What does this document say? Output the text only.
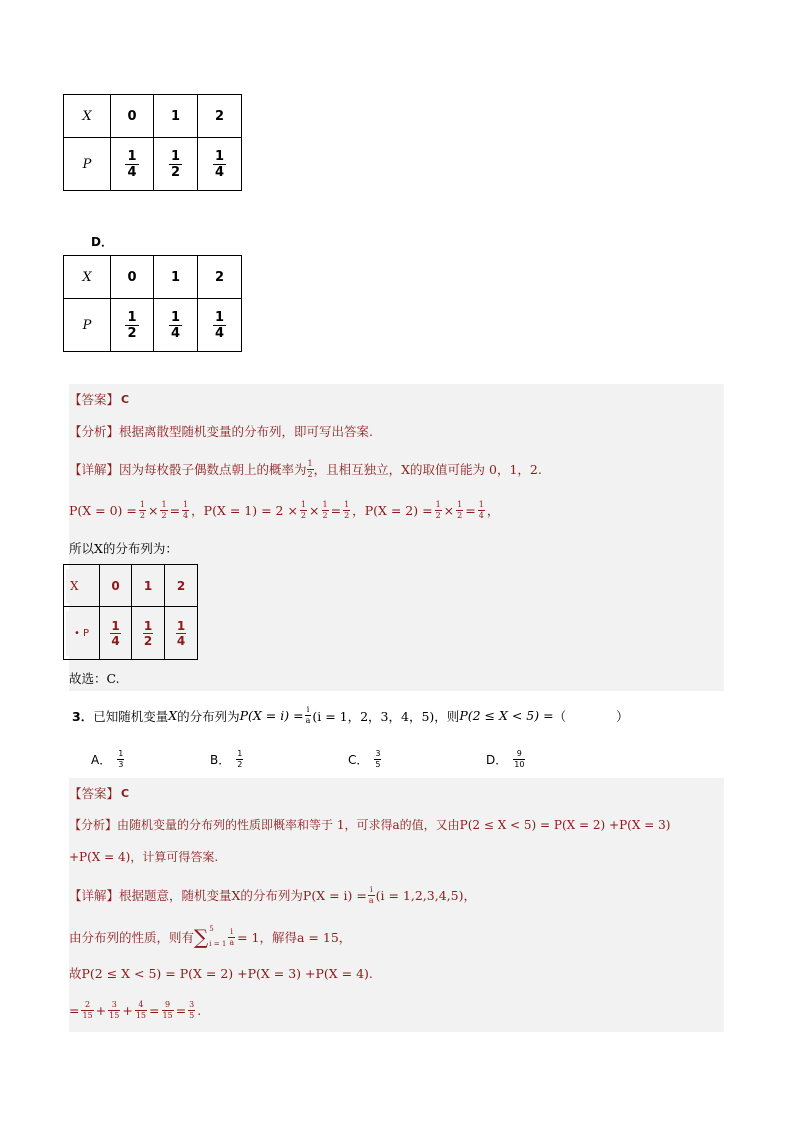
X	0	1	2
P	$\frac{1}{4}$	$\frac{1}{2}$	$\frac{1}{4}$
D．
X	0	1	2
P	$\frac{1}{2}$	$\frac{1}{4}$	$\frac{1}{4}$
【答案】 C
【分析】 根据离散型随机变量的分布列，即可写出答案.
【详解】 因为每枚骰子偶数点朝上的概率为 $\frac{1}{2}$ ，且相互独立，X的取值可能为 0，1，2.
$P(X = 0) = \frac{1}{2} \times \frac{1}{2} = \frac{1}{4}$ ， $P(X = 1) = 2 \times \frac{1}{2} \times \frac{1}{2} = \frac{1}{2}$ ， $P(X = 2) = \frac{1}{2} \times \frac{1}{2} = \frac{1}{4}$ ，
所以X的分布列为：
X	0	1	2

• P	$\frac{1}{4}$	$\frac{1}{2}$	$\frac{1}{4}$
故选：C.
3． 已知随机变量 X 的分布列为 $P(X = i) = \frac{i}{a} (i = 1$，2，3，4，5) ，则 P(2 ≤ X < 5) = （　　　　）
A． $\frac{1}{3}$	B． $\frac{1}{2}$	C． $\frac{3}{5}$	D． $\frac{9}{10}$
【答案】 C
【分析】 由随机变量的分布列的性质即概率和等于 1，可求得a的值，又由P(2 ≤ X < 5) = P(X = 2) +P(X = 3)
+P(X = 4)，计算可得答案.
【详解】 根据题意，随机变量X的分布列为$P(X = i) = \frac{i}{a} (i = 1,2,3,4,5)$，
由分布列的性质，则有 ∑ 5
$i = 1 \frac{i}{a} = 1$，解得a = 15，
故P(2 ≤ X < 5) = P(X = 2) +P(X = 3) +P(X = 4).
= $\frac{2}{15} + \frac{3}{15} + \frac{4}{15} = \frac{9}{15} = \frac{3}{5}$ .
